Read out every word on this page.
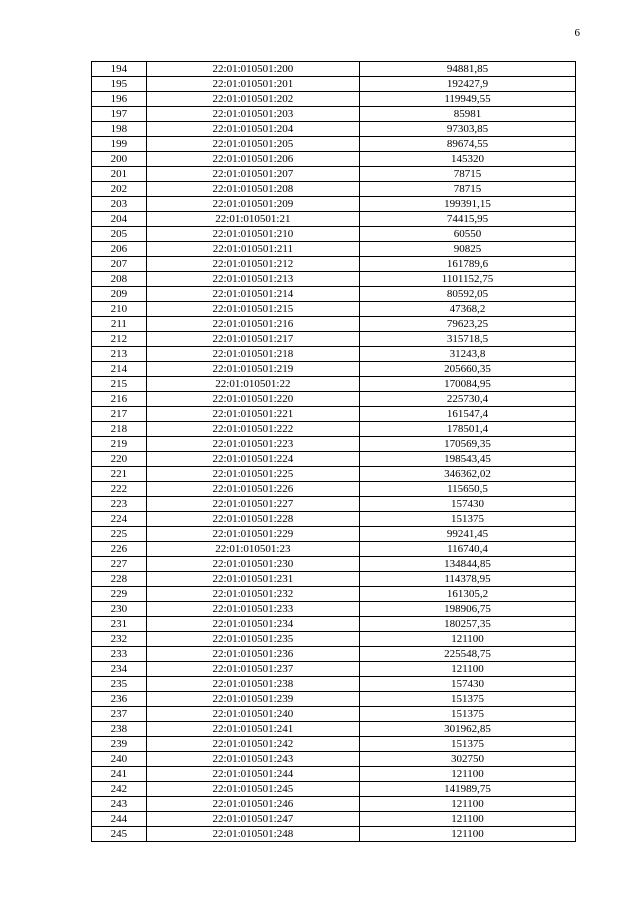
6
194	22:01:010501:200	94881,85
195	22:01:010501:201	192427,9
196	22:01:010501:202	119949,55
197	22:01:010501:203	85981
198	22:01:010501:204	97303,85
199	22:01:010501:205	89674,55
200	22:01:010501:206	145320
201	22:01:010501:207	78715
202	22:01:010501:208	78715
203	22:01:010501:209	199391,15
204	22:01:010501:21	74415,95
205	22:01:010501:210	60550
206	22:01:010501:211	90825
207	22:01:010501:212	161789,6
208	22:01:010501:213	1101152,75
209	22:01:010501:214	80592,05
210	22:01:010501:215	47368,2
211	22:01:010501:216	79623,25
212	22:01:010501:217	315718,5
213	22:01:010501:218	31243,8
214	22:01:010501:219	205660,35
215	22:01:010501:22	170084,95
216	22:01:010501:220	225730,4
217	22:01:010501:221	161547,4
218	22:01:010501:222	178501,4
219	22:01:010501:223	170569,35
220	22:01:010501:224	198543,45
221	22:01:010501:225	346362,02
222	22:01:010501:226	115650,5
223	22:01:010501:227	157430
224	22:01:010501:228	151375
225	22:01:010501:229	99241,45
226	22:01:010501:23	116740,4
227	22:01:010501:230	134844,85
228	22:01:010501:231	114378,95
229	22:01:010501:232	161305,2
230	22:01:010501:233	198906,75
231	22:01:010501:234	180257,35
232	22:01:010501:235	121100
233	22:01:010501:236	225548,75
234	22:01:010501:237	121100
235	22:01:010501:238	157430
236	22:01:010501:239	151375
237	22:01:010501:240	151375
238	22:01:010501:241	301962,85
239	22:01:010501:242	151375
240	22:01:010501:243	302750
241	22:01:010501:244	121100
242	22:01:010501:245	141989,75
243	22:01:010501:246	121100
244	22:01:010501:247	121100
245	22:01:010501:248	121100
